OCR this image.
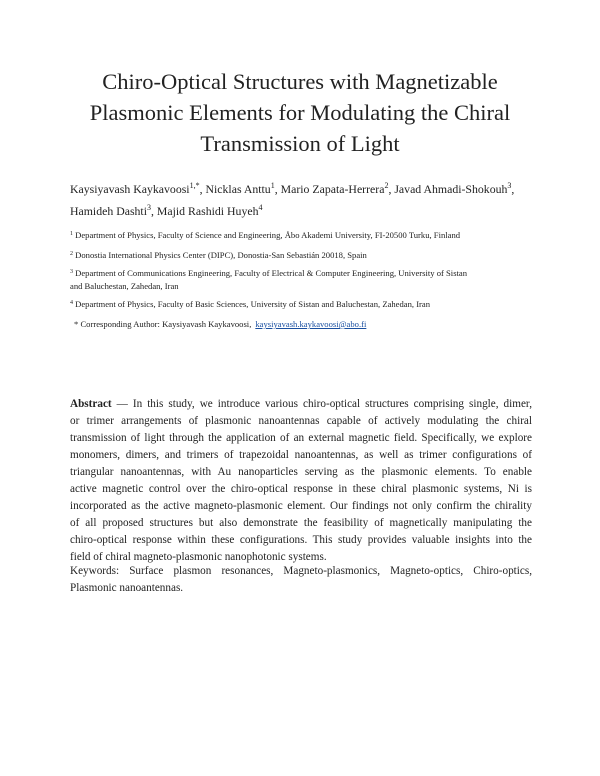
Chiro-Optical Structures with Magnetizable
Plasmonic Elements for Modulating the Chiral
Transmission of Light
Kaysiyavash Kaykavoosi$^{1,*}$, Nicklas Anttu$^1$, Mario Zapata-Herrera$^2$, Javad Ahmadi-Shokouh$^3$,
Hamideh Dashti$^3$, Majid Rashidi Huyeh$^4$
$^1$ Department of Physics, Faculty of Science and Engineering, Åbo Akademi University, FI-20500 Turku, Finland
$^2$ Donostia International Physics Center (DIPC), Donostia-San Sebastián 20018, Spain
$^3$ Department of Communications Engineering, Faculty of Electrical & Computer Engineering, University of Sistan
and Baluchestan, Zahedan, Iran
$^4$ Department of Physics, Faculty of Basic Sciences, University of Sistan and Baluchestan, Zahedan, Iran
* Corresponding Author: Kaysiyavash Kaykavoosi, kaysiyavash.kaykavoosi@abo.fi
Abstract — In this study, we introduce various chiro-optical structures comprising single, dimer,
or trimer arrangements of plasmonic nanoantennas capable of actively modulating the chiral
transmission of light through the application of an external magnetic field. Specifically, we explore
monomers, dimers, and trimers of trapezoidal nanoantennas, as well as trimer configurations of
triangular nanoantennas, with Au nanoparticles serving as the plasmonic elements. To enable
active magnetic control over the chiro-optical response in these chiral plasmonic systems, Ni is
incorporated as the active magneto-plasmonic element. Our findings not only confirm the chirality
of all proposed structures but also demonstrate the feasibility of magnetically manipulating the
chiro-optical response within these configurations. This study provides valuable insights into the
field of chiral magneto-plasmonic nanophotonic systems.
Keywords: Surface plasmon resonances, Magneto-plasmonics, Magneto-optics, Chiro-optics,
Plasmonic nanoantennas.
